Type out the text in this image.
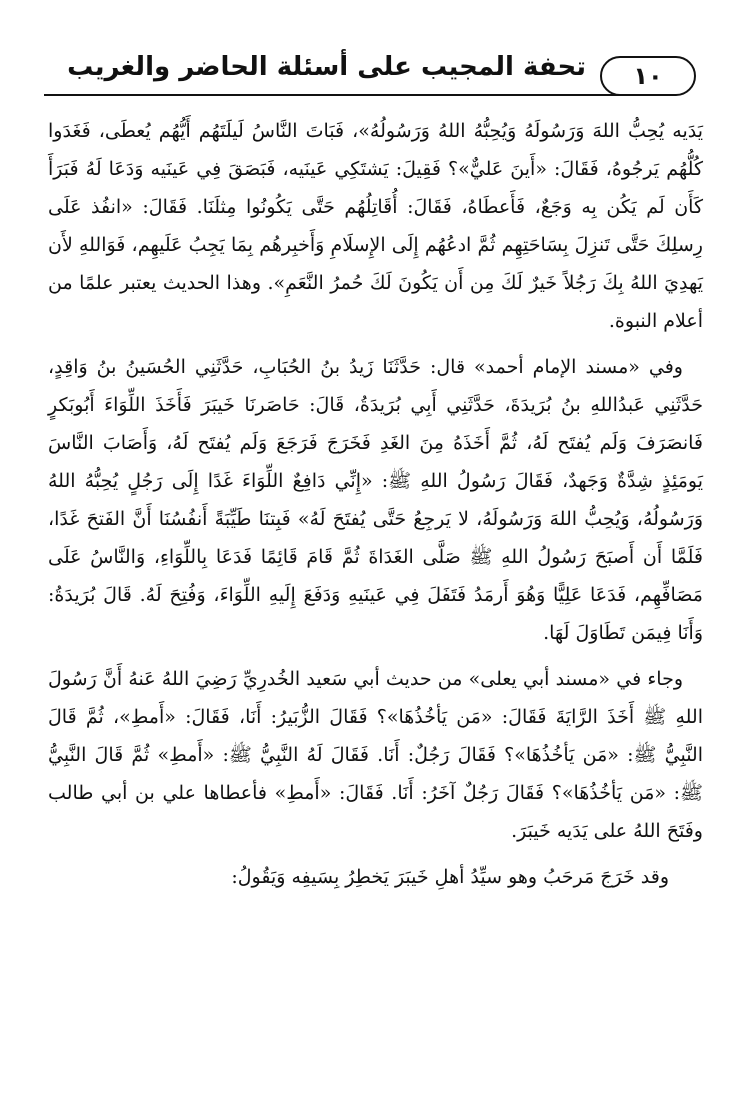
١٠
تحفة المجيب على أسئلة الحاضر والغريب

يَدَيه يُحِبُّ اللهَ وَرَسُولَهُ وَيُحِبُّهُ اللهُ وَرَسُولُهُ»، فَبَاتَ النَّاسُ لَيلَتَهُم أَيُّهُم يُعطَى، فَغَدَوا كُلُّهُم يَرجُوهُ، فَقَالَ: «أَينَ عَليٌّ»؟ فَقِيلَ: يَشتَكِي عَينَيه، فَبَصَقَ فِي عَينَيه وَدَعَا لَهُ فَبَرَأَ كَأَن لَم يَكُن بِه وَجَعٌ، فَأَعطَاهُ، فَقَالَ: أُقَاتِلُهُم حَتَّى يَكُونُوا مِثلَنَا. فَقَالَ: «انفُذ عَلَى رِسلِكَ حَتَّى تَنزِلَ بِسَاحَتِهِم ثُمَّ ادعُهُم إِلَى الإِسلَامِ وَأَخبِرهُم بِمَا يَجِبُ عَلَيهِم، فَوَاللهِ لأَن يَهدِيَ اللهُ بِكَ رَجُلاً خَيرٌ لَكَ مِن أَن يَكُونَ لَكَ حُمرُ النَّعَمِ». وهذا الحديث يعتبر علمًا من أعلام النبوة.

وفي «مسند الإمام أحمد» قال: حَدَّثَنَا زَيدُ بنُ الحُبَابِ، حَدَّثَنِي الحُسَينُ بنُ وَاقِدٍ، حَدَّثَنِي عَبدُاللهِ بنُ بُرَيدَةَ، حَدَّثَنِي أَبِي بُرَيدَةُ، قَالَ: حَاصَرنَا خَيبَرَ فَأَخَذَ اللِّوَاءَ أَبُوبَكرٍ فَانصَرَفَ وَلَم يُفتَح لَهُ، ثُمَّ أَخَذَهُ مِنَ الغَدِ فَخَرَجَ فَرَجَعَ وَلَم يُفتَح لَهُ، وَأَصَابَ النَّاسَ يَومَئِذٍ شِدَّةٌ وَجَهدٌ، فَقَالَ رَسُولُ اللهِ ﷺ: «إِنِّي دَافِعٌ اللِّوَاءَ غَدًا إِلَى رَجُلٍ يُحِبُّهُ اللهُ وَرَسُولُهُ، وَيُحِبُّ اللهَ وَرَسُولَهُ، لا يَرجِعُ حَتَّى يُفتَحَ لَهُ» فَبِتنَا طَيِّبَةً أَنفُسُنَا أَنَّ الفَتحَ غَدًا، فَلَمَّا أَن أَصبَحَ رَسُولُ اللهِ ﷺ صَلَّى الغَدَاةَ ثُمَّ قَامَ قَائِمًا فَدَعَا بِاللِّوَاءِ، وَالنَّاسُ عَلَى مَصَافِّهِم، فَدَعَا عَلِيًّا وَهُوَ أَرمَدُ فَتَفَلَ فِي عَينَيهِ وَدَفَعَ إِلَيهِ اللِّوَاءَ، وَفُتِحَ لَهُ. قَالَ بُرَيدَةُ: وَأَنَا فِيمَن تَطَاوَلَ لَهَا.

وجاء في «مسند أبي يعلى» من حديث أبي سَعيد الخُدرِيِّ رَضِيَ اللهُ عَنهُ أَنَّ رَسُولَ اللهِ ﷺ أَخَذَ الرَّايَةَ فَقَالَ: «مَن يَأخُذُهَا»؟ فَقَالَ الزُّبَيرُ: أَنَا، فَقَالَ: «أَمطِ»، ثُمَّ قَالَ النَّبِيُّ ﷺ: «مَن يَأخُذُهَا»؟ فَقَالَ رَجُلٌ: أَنَا. فَقَالَ لَهُ النَّبِيُّ ﷺ: «أَمطِ» ثُمَّ قَالَ النَّبِيُّ ﷺ: «مَن يَأخُذُهَا»؟ فَقَالَ رَجُلٌ آخَرُ: أَنَا. فَقَالَ: «أَمطِ» فأعطاها علي بن أبي طالب وفَتَحَ اللهُ على يَدَيه خَيبَرَ.

وقد خَرَجَ مَرحَبُ وهو سيِّدُ أهلِ خَيبَرَ يَخطِرُ بِسَيفِه وَيَقُولُ:
